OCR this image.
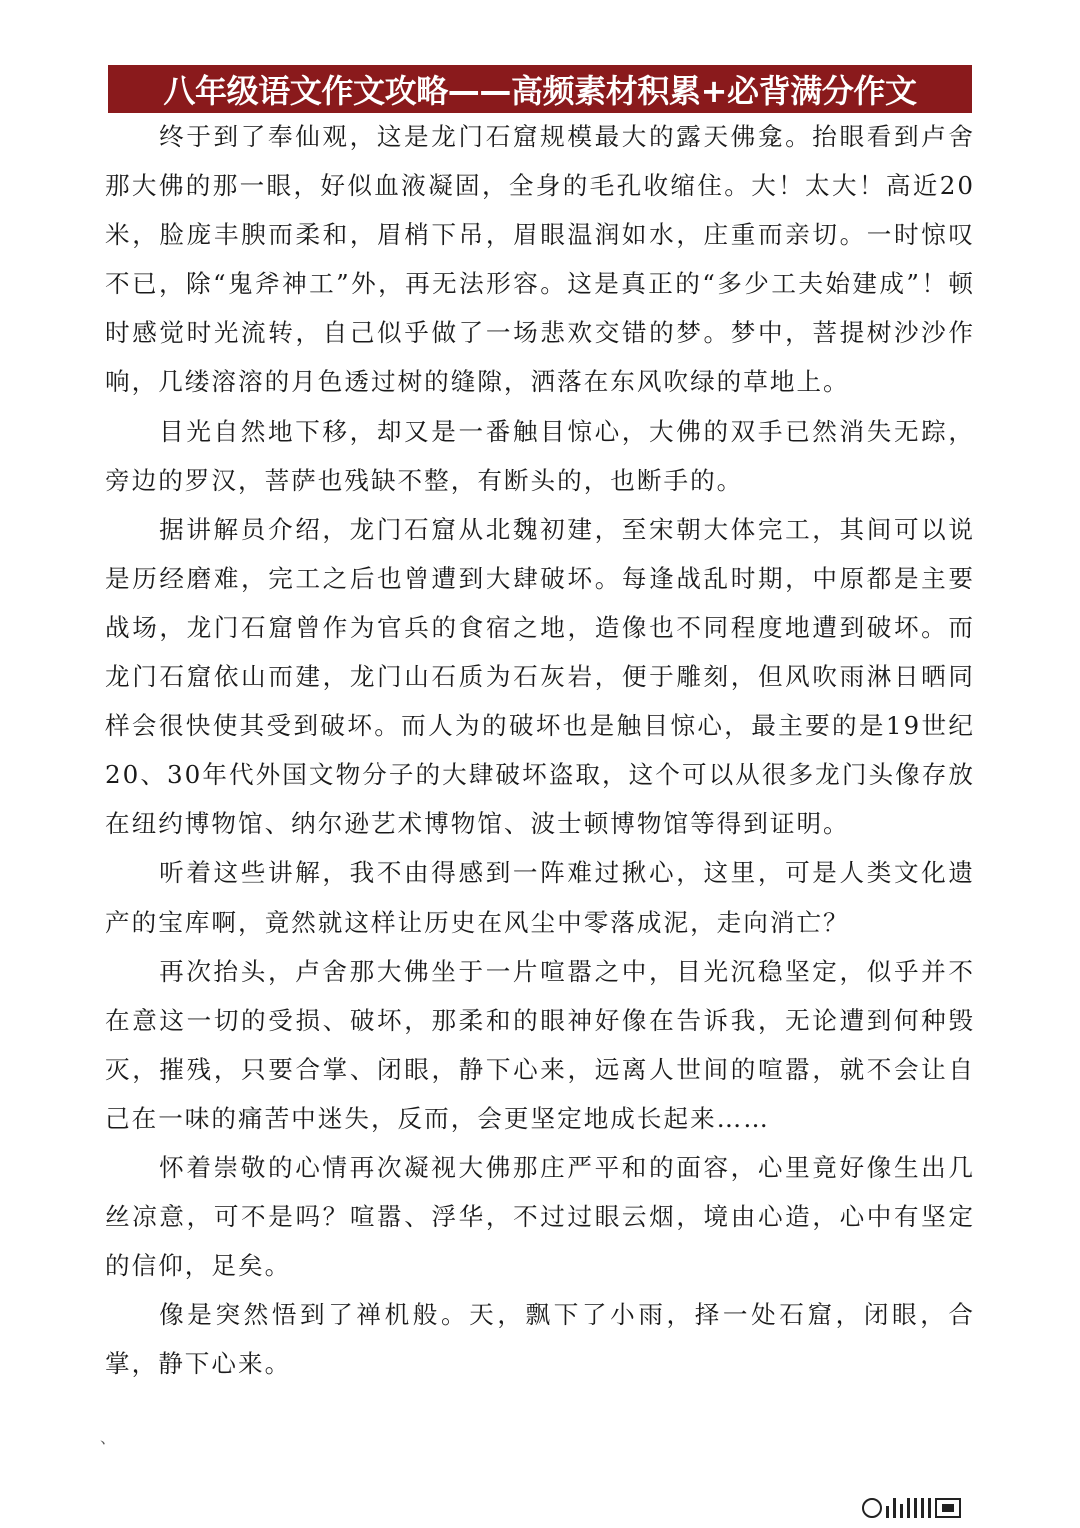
八年级语文作文攻略——高频素材积累+必背满分作文

终于到了奉仙观，这是龙门石窟规模最大的露天佛龛。抬眼看到卢舍那大佛的那一眼，好似血液凝固，全身的毛孔收缩住。大！太大！高近20米，脸庞丰腴而柔和，眉梢下吊，眉眼温润如水，庄重而亲切。一时惊叹不已，除“鬼斧神工”外，再无法形容。这是真正的“多少工夫始建成”！顿时感觉时光流转，自己似乎做了一场悲欢交错的梦。梦中，菩提树沙沙作响，几缕溶溶的月色透过树的缝隙，洒落在东风吹绿的草地上。

目光自然地下移，却又是一番触目惊心，大佛的双手已然消失无踪，旁边的罗汉，菩萨也残缺不整，有断头的，也断手的。

据讲解员介绍，龙门石窟从北魏初建，至宋朝大体完工，其间可以说是历经磨难，完工之后也曾遭到大肆破坏。每逢战乱时期，中原都是主要战场，龙门石窟曾作为官兵的食宿之地，造像也不同程度地遭到破坏。而龙门石窟依山而建，龙门山石质为石灰岩，便于雕刻，但风吹雨淋日晒同样会很快使其受到破坏。而人为的破坏也是触目惊心，最主要的是19世纪20、30年代外国文物分子的大肆破坏盗取，这个可以从很多龙门头像存放在纽约博物馆、纳尔逊艺术博物馆、波士顿博物馆等得到证明。

听着这些讲解，我不由得感到一阵难过揪心，这里，可是人类文化遗产的宝库啊，竟然就这样让历史在风尘中零落成泥，走向消亡？

再次抬头，卢舍那大佛坐于一片喧嚣之中，目光沉稳坚定，似乎并不在意这一切的受损、破坏，那柔和的眼神好像在告诉我，无论遭到何种毁灭，摧残，只要合掌、闭眼，静下心来，远离人世间的喧嚣，就不会让自己在一味的痛苦中迷失，反而，会更坚定地成长起来……

怀着崇敬的心情再次凝视大佛那庄严平和的面容，心里竟好像生出几丝凉意，可不是吗？喧嚣、浮华，不过过眼云烟，境由心造，心中有坚定的信仰，足矣。

像是突然悟到了禅机般。天，飘下了小雨，择一处石窟，闭眼，合掌，静下心来。

、
